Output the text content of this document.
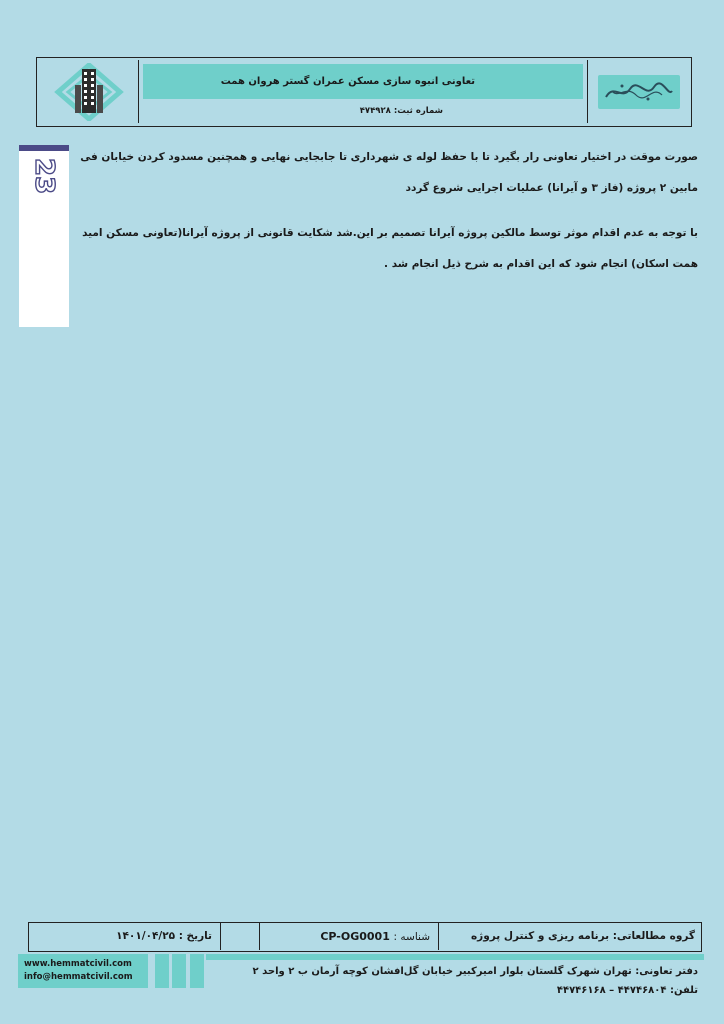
تعاونی انبوه سازی مسکن عمران گستر هروان همت
شماره ثبت: ۴۷۴۹۲۸
23

صورت موقت در اختیار تعاونی رار بگیرد تا با حفظ لوله ی شهرداری تا جابجایی نهایی و همچنین مسدود کردن خیابان فی

مابین ۲ پروژه (فاز ۳ و آیرانا) عملیات اجرایی شروع گردد

با توجه به عدم اقدام موثر توسط مالکین پروژه آیرانا تصمیم بر این.شد شکایت قانونی از پروژه آیرانا(تعاونی مسکن امید

همت اسکان) انجام شود که این اقدام به شرح ذیل انجام شد .

گروه مطالعاتی: برنامه ریزی و کنترل پروژه
شناسه : CP-OG0001
تاریخ : ۱۴۰۱/۰۴/۲۵
www.hemmatcivil.com
info@hemmatcivil.com	دفتر تعاونی: تهران شهرک گلستان بلوار امیرکبیر خیابان گل‌افشان کوچه آرمان ب ۲ واحد ۲
تلفن: ۴۴۷۴۶۸۰۴ – ۴۴۷۴۶۱۶۸
